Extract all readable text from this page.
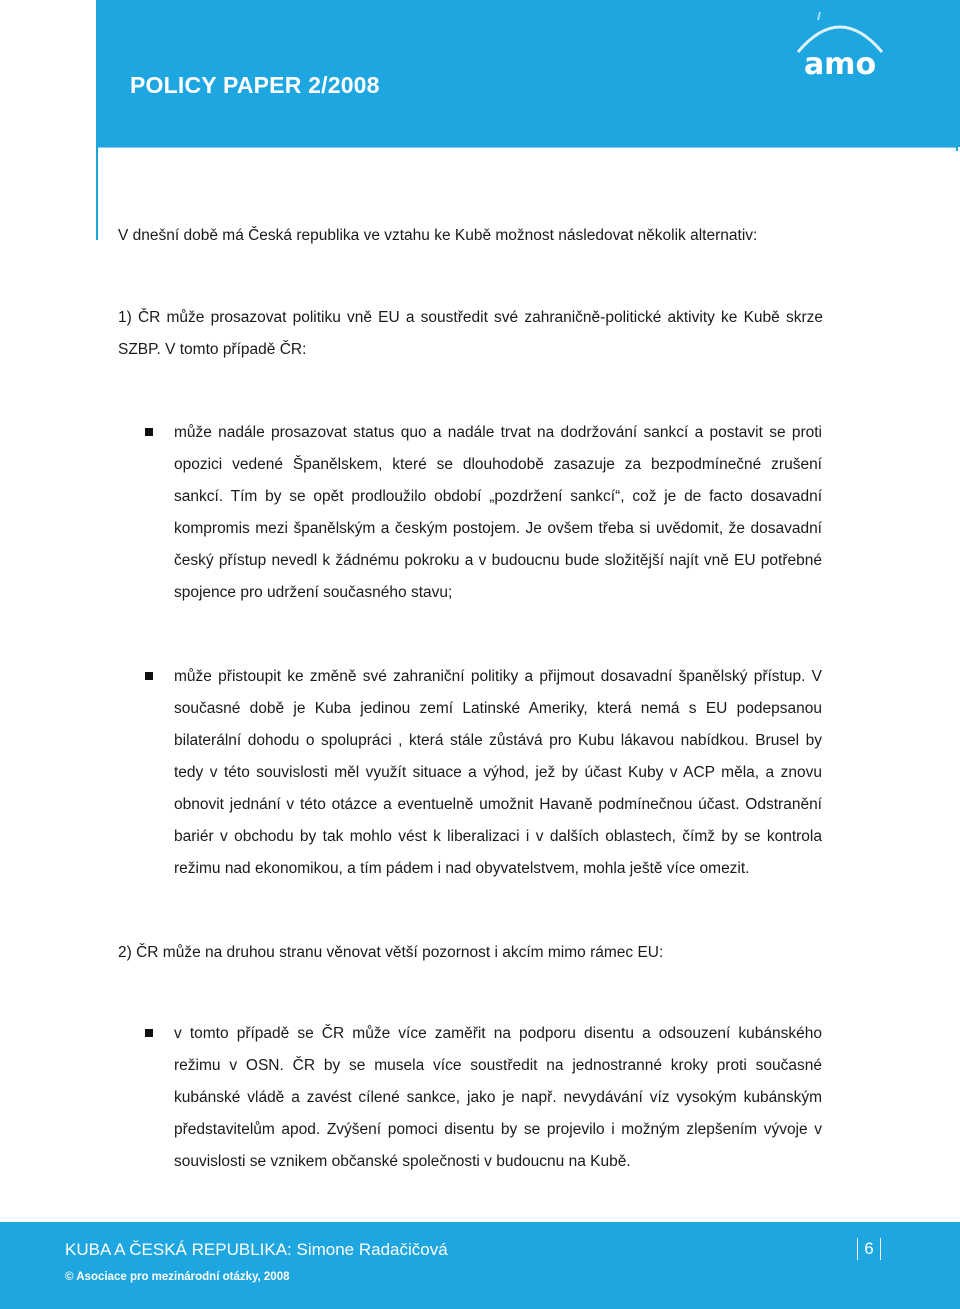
POLICY PAPER 2/2008
amo

V dnešní době má Česká republika ve vztahu ke Kubě možnost následovat několik alternativ:

1) ČR může prosazovat politiku vně EU a soustředit své zahraničně-politické aktivity ke Kubě skrze SZBP. V tomto případě ČR:

může nadále prosazovat status quo a nadále trvat na dodržování sankcí a postavit se proti opozici vedené Španělskem, které se dlouhodobě zasazuje za bezpodmínečné zrušení sankcí. Tím by se opět prodloužilo období „pozdržení sankcí“, což je de facto dosavadní kompromis mezi španělským a českým postojem. Je ovšem třeba si uvědomit, že dosavadní český přístup nevedl k žádnému pokroku a v budoucnu bude složitější najít vně EU potřebné spojence pro udržení současného stavu;

může přistoupit ke změně své zahraniční politiky a přijmout dosavadní španělský přístup. V současné době je Kuba jedinou zemí Latinské Ameriky, která nemá s EU podepsanou bilaterální dohodu o spolupráci , která stále zůstává pro Kubu lákavou nabídkou. Brusel by tedy v této souvislosti měl využít situace a výhod, jež by účast Kuby v ACP měla, a znovu obnovit jednání v této otázce a eventuelně umožnit Havaně podmínečnou účast. Odstranění bariér v obchodu by tak mohlo vést k liberalizaci i v dalších oblastech, čímž by se kontrola režimu nad ekonomikou, a tím pádem i nad obyvatelstvem, mohla ještě více omezit.

2) ČR může na druhou stranu věnovat větší pozornost i akcím mimo rámec EU:

v tomto případě se ČR může více zaměřit na podporu disentu a odsouzení kubánského režimu v OSN. ČR by se musela více soustředit na jednostranné kroky proti současné kubánské vládě a zavést cílené sankce, jako je např. nevydávání víz vysokým kubánským představitelům apod. Zvýšení pomoci disentu by se projevilo i možným zlepšením vývoje v souvislosti se vznikem občanské společnosti v budoucnu na Kubě.

KUBA A ČESKÁ REPUBLIKA: Simone Radačičová
© Asociace pro mezinárodní otázky, 2008
6
